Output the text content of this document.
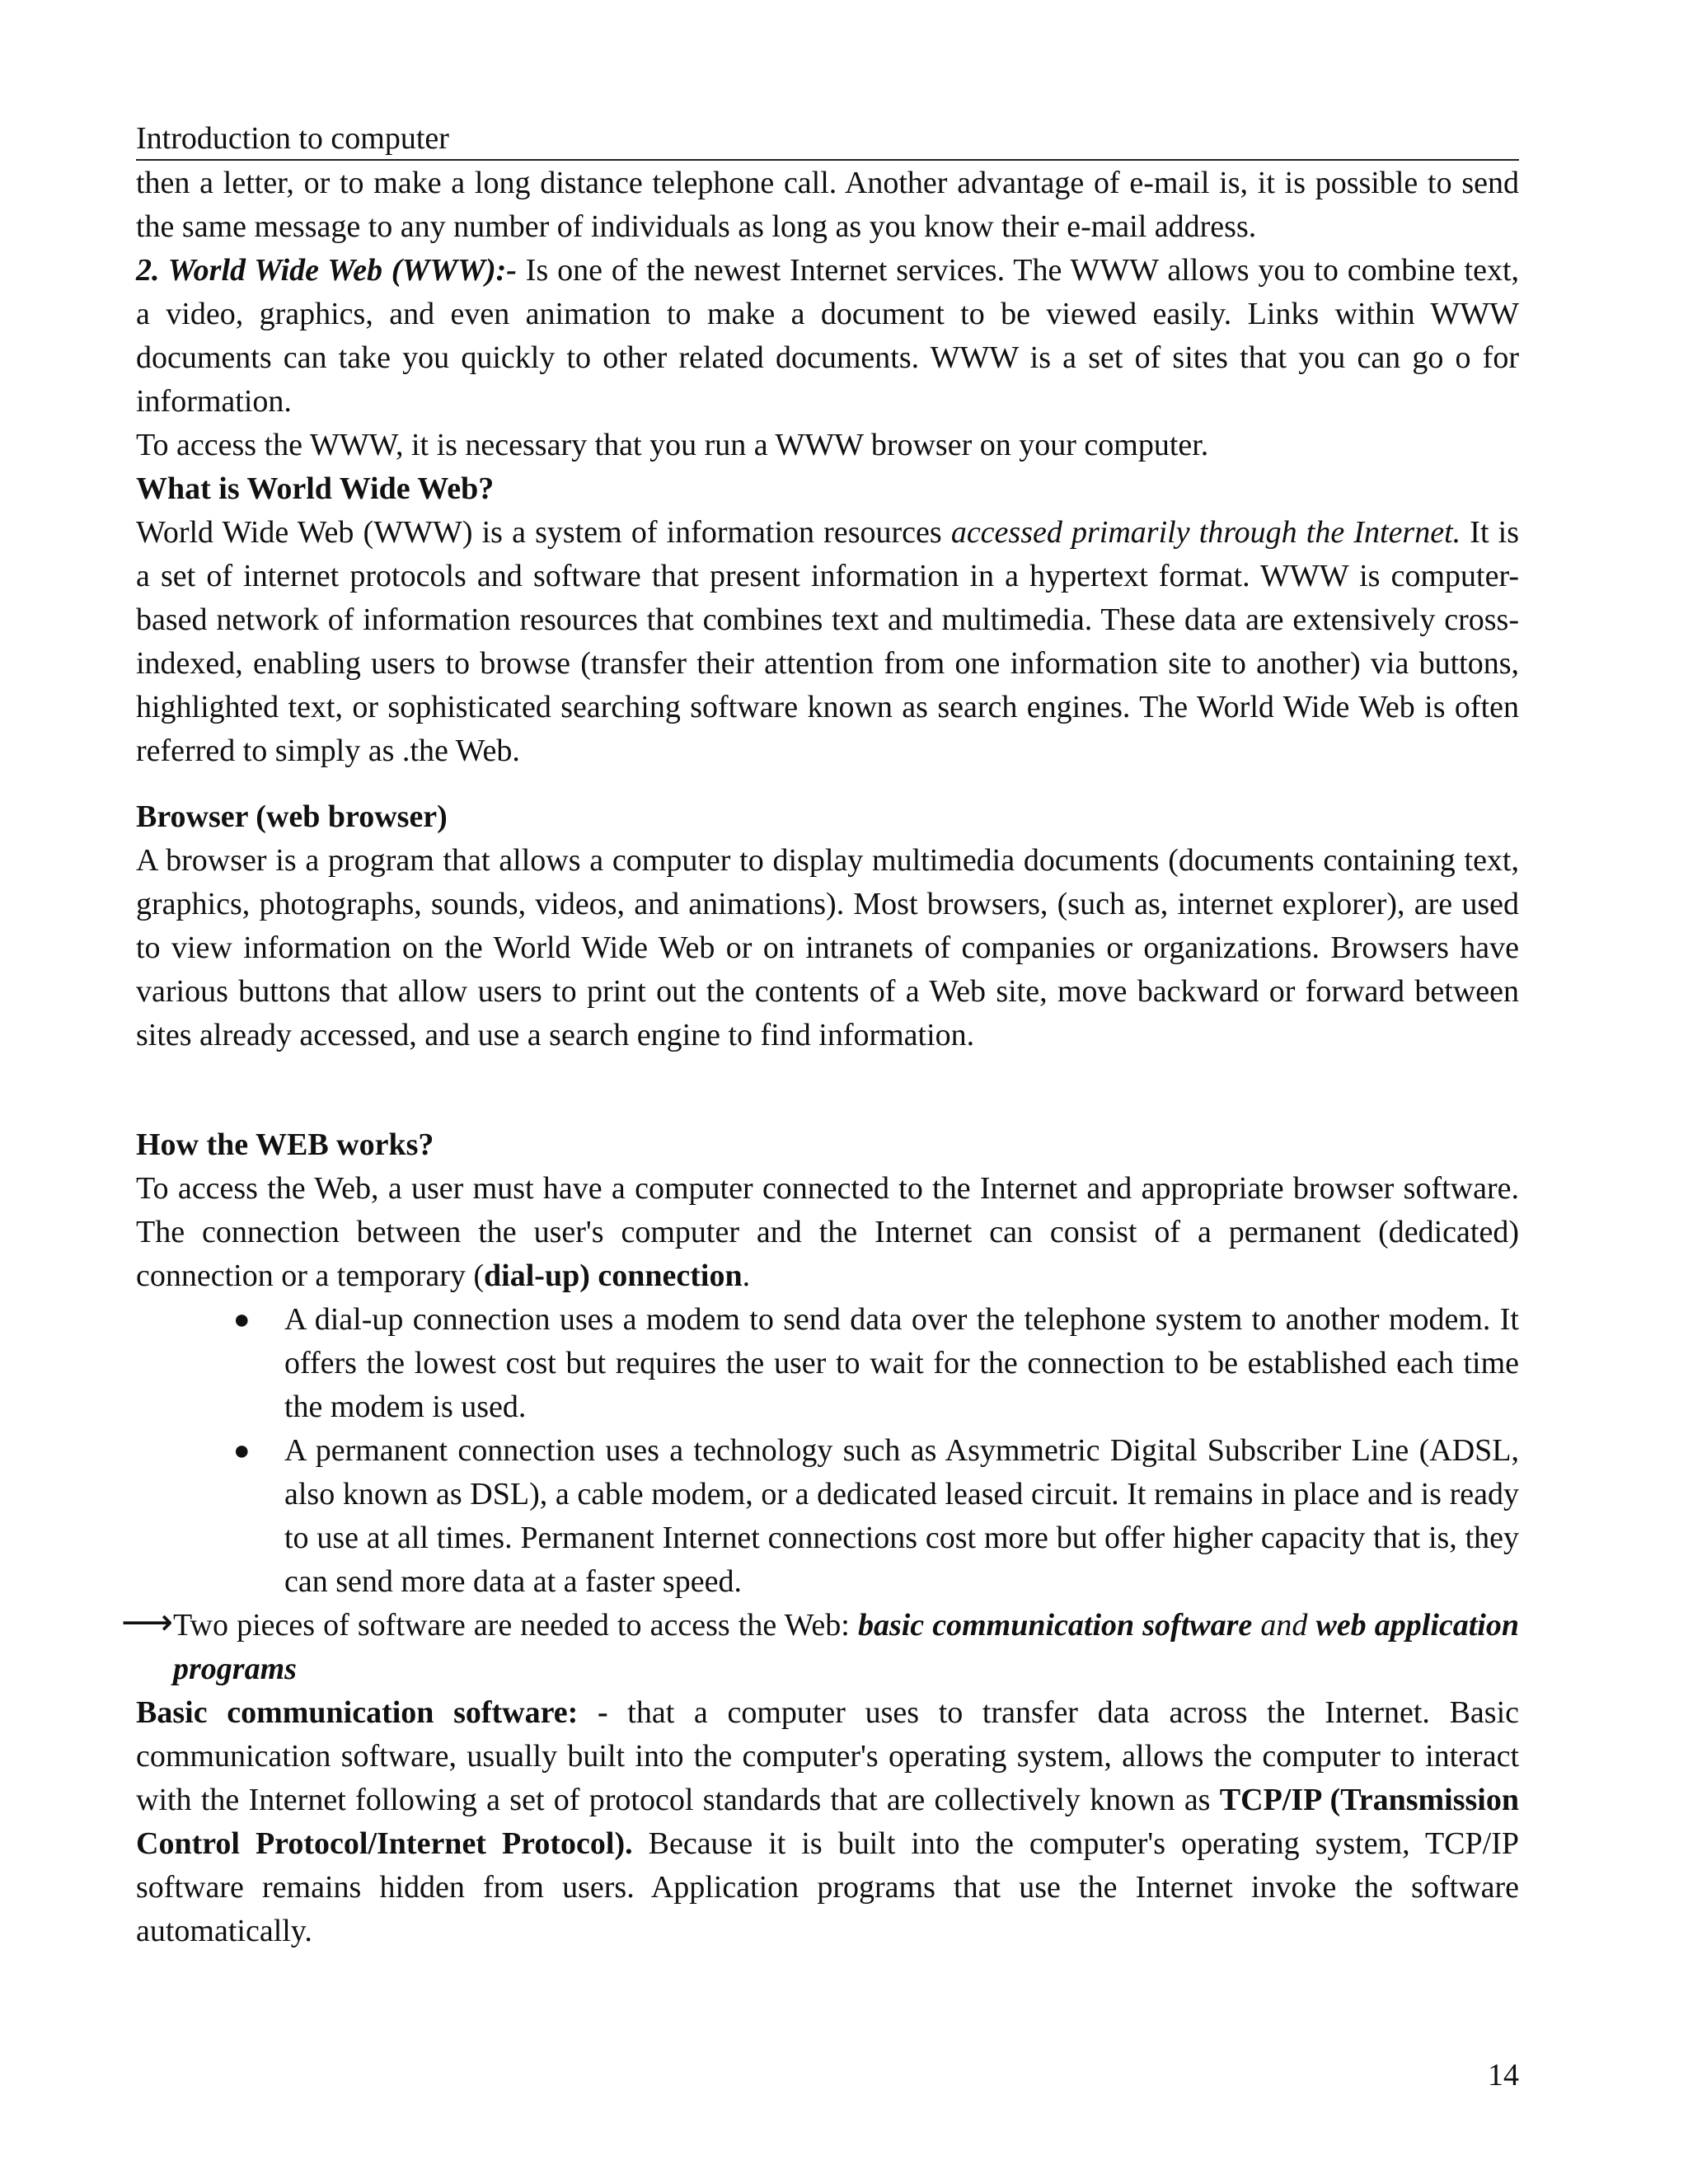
Introduction to computer

then a letter, or to make a long distance telephone call. Another advantage of e-mail is, it is possible to send the same message to any number of individuals as long as you know their e-mail address.

2. World Wide Web (WWW):- Is one of the newest Internet services. The WWW allows you to combine text, a video, graphics, and even animation to make a document to be viewed easily. Links within WWW documents can take you quickly to other related documents. WWW is a set of sites that you can go o for information.

To access the WWW, it is necessary that you run a WWW browser on your computer.

What is World Wide Web?

World Wide Web (WWW) is a system of information resources accessed primarily through the Internet. It is a set of internet protocols and software that present information in a hypertext format. WWW is computer-based network of information resources that combines text and multimedia. These data are extensively cross-indexed, enabling users to browse (transfer their attention from one information site to another) via buttons, highlighted text, or sophisticated searching software known as search engines. The World Wide Web is often referred to simply as .the Web.

Browser (web browser)

A browser is a program that allows a computer to display multimedia documents (documents containing text, graphics, photographs, sounds, videos, and animations). Most browsers, (such as, internet explorer), are used to view information on the World Wide Web or on intranets of companies or organizations. Browsers have various buttons that allow users to print out the contents of a Web site, move backward or forward between sites already accessed, and use a search engine to find information.

How the WEB works?

To access the Web, a user must have a computer connected to the Internet and appropriate browser software. The connection between the user's computer and the Internet can consist of a permanent (dedicated) connection or a temporary (dial-up) connection.

● A dial-up connection uses a modem to send data over the telephone system to another modem. It offers the lowest cost but requires the user to wait for the connection to be established each time the modem is used.
● A permanent connection uses a technology such as Asymmetric Digital Subscriber Line (ADSL, also known as DSL), a cable modem, or a dedicated leased circuit. It remains in place and is ready to use at all times. Permanent Internet connections cost more but offer higher capacity that is, they can send more data at a faster speed.

⟶ Two pieces of software are needed to access the Web: basic communication software and web application programs

Basic communication software: - that a computer uses to transfer data across the Internet. Basic communication software, usually built into the computer's operating system, allows the computer to interact with the Internet following a set of protocol standards that are collectively known as TCP/IP (Transmission Control Protocol/Internet Protocol). Because it is built into the computer's operating system, TCP/IP software remains hidden from users. Application programs that use the Internet invoke the software automatically.

14
